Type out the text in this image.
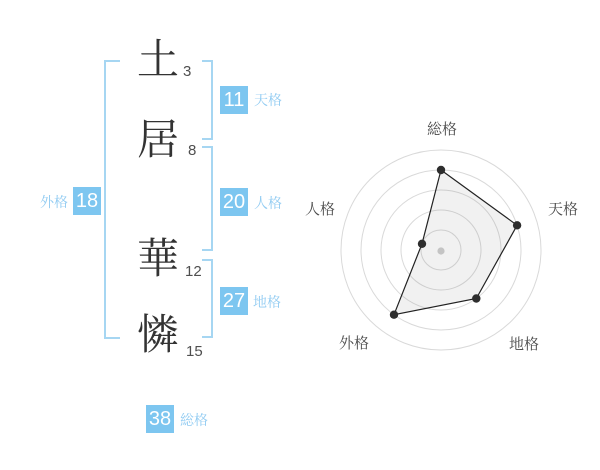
土
居
華
憐
3
8
12
15
11 天格
外格 18	20 人格
27 地格
38 総格
総格
天格
地格
外格
人格
